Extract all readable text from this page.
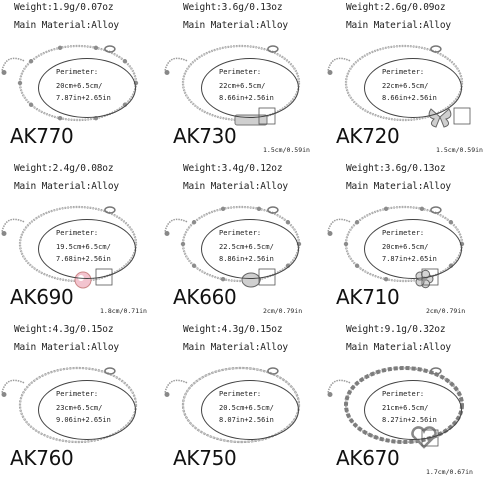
Weight:1.9g/0.07oz
Main Material:Alloy
Perimeter:
20cm+6.5cm/
7.87in+2.65in
AK770
Weight:3.6g/0.13oz
Main Material:Alloy
Perimeter:
22cm+6.5cm/
8.66in+2.56in
AK730
1.5cm/0.59in
Weight:2.6g/0.09oz
Main Material:Alloy
Perimeter:
22cm+6.5cm/
8.66in+2.56in
AK720
1.5cm/0.59in
Weight:2.4g/0.08oz
Main Material:Alloy
Perimeter:
19.5cm+6.5cm/
7.68in+2.56in
AK690
1.8cm/0.71in
Weight:3.4g/0.12oz
Main Material:Alloy
Perimeter:
22.5cm+6.5cm/
8.86in+2.56in
AK660
2cm/0.79in
Weight:3.6g/0.13oz
Main Material:Alloy
Perimeter:
20cm+6.5cm/
7.87in+2.65in
AK710
2cm/0.79in
Weight:4.3g/0.15oz
Main Material:Alloy
Perimeter:
23cm+6.5cm/
9.06in+2.65in
AK760
Weight:4.3g/0.15oz
Main Material:Alloy
Perimeter:
20.5cm+6.5cm/
8.07in+2.56in
AK750
Weight:9.1g/0.32oz
Main Material:Alloy
Perimeter:
21cm+6.5cm/
8.27in+2.56in
AK670
1.7cm/0.67in
